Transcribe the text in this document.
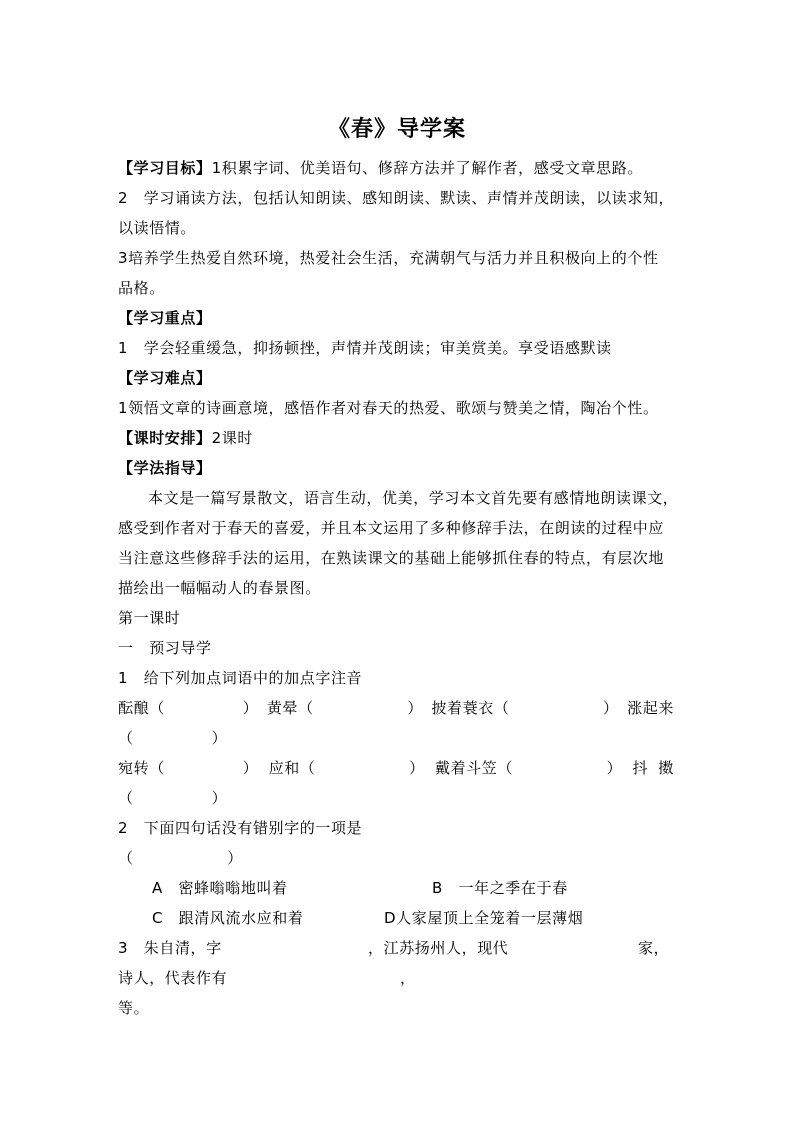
《春》导学案
【学习目标】1积累字词、优美语句、修辞方法并了解作者，感受文章思路。
2　学习诵读方法，包括认知朗读、感知朗读、默读、声情并茂朗读，以读求知，
以读悟情。
3培养学生热爱自然环境，热爱社会生活，充满朝气与活力并且积极向上的个性
品格。
【学习重点】
1　学会轻重缓急，抑扬顿挫，声情并茂朗读；审美赏美。享受语感默读
【学习难点】
1领悟文章的诗画意境，感悟作者对春天的热爱、歌颂与赞美之情，陶冶个性。
【课时安排】2课时
【学法指导】
本文是一篇写景散文，语言生动，优美，学习本文首先要有感情地朗读课文，
感受到作者对于春天的喜爱，并且本文运用了多种修辞手法，在朗读的过程中应
当注意这些修辞手法的运用，在熟读课文的基础上能够抓住春的特点，有层次地
描绘出一幅幅动人的春景图。
第一课时
一　预习导学
1　给下列加点词语中的加点字注音
酝酿（　　　　　） 黄晕（　　　　　　） 披着蓑衣（　　　　　　） 涨起来
（　　　　　）
宛转（　　　　　） 应和（　　　　　　） 戴着斗笠（　　　　　　） 抖 擞
（　　　　　）
2　下面四句话没有错别字的一项是
（　　　　　　）
A　密蜂嗡嗡地叫着	B　一年之季在于春
C　跟清风流水应和着	D人家屋顶上全笼着一层薄烟
3　朱自清，字	，江苏扬州人，现代	家，
诗人，代表作有	，
等。
